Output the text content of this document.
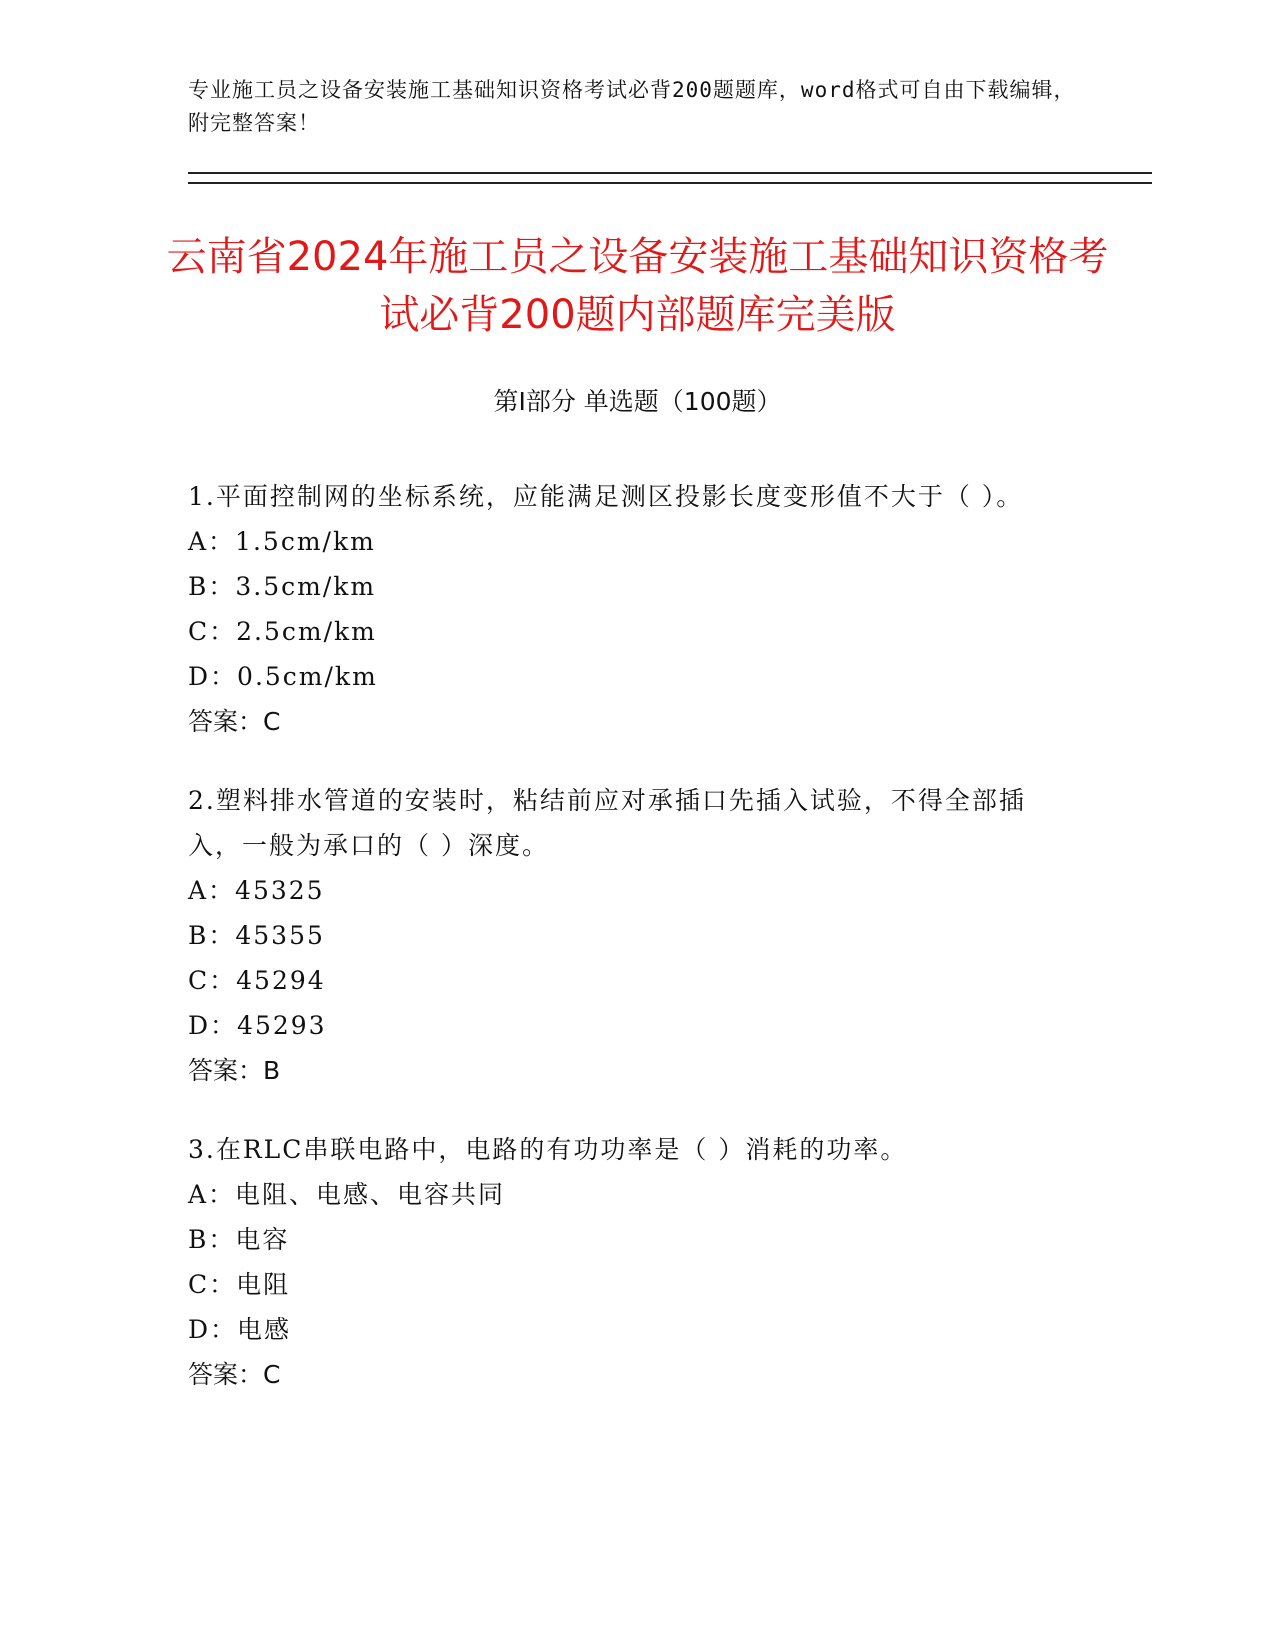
专业施工员之设备安装施工基础知识资格考试必背200题题库，word格式可自由下载编辑，附完整答案！
云南省2024年施工员之设备安装施工基础知识资格考试必背200题内部题库完美版
第I部分 单选题（100题）

1.平面控制网的坐标系统，应能满足测区投影长度变形值不大于（ ）。

A：1.5cm/km

B：3.5cm/km

C：2.5cm/km

D：0.5cm/km

答案：C

2.塑料排水管道的安装时，粘结前应对承插口先插入试验，不得全部插入，一般为承口的（ ）深度。

A：45325

B：45355

C：45294

D：45293

答案：B

3.在RLC串联电路中，电路的有功功率是（ ）消耗的功率。

A：电阻、电感、电容共同

B：电容

C：电阻

D：电感

答案：C
